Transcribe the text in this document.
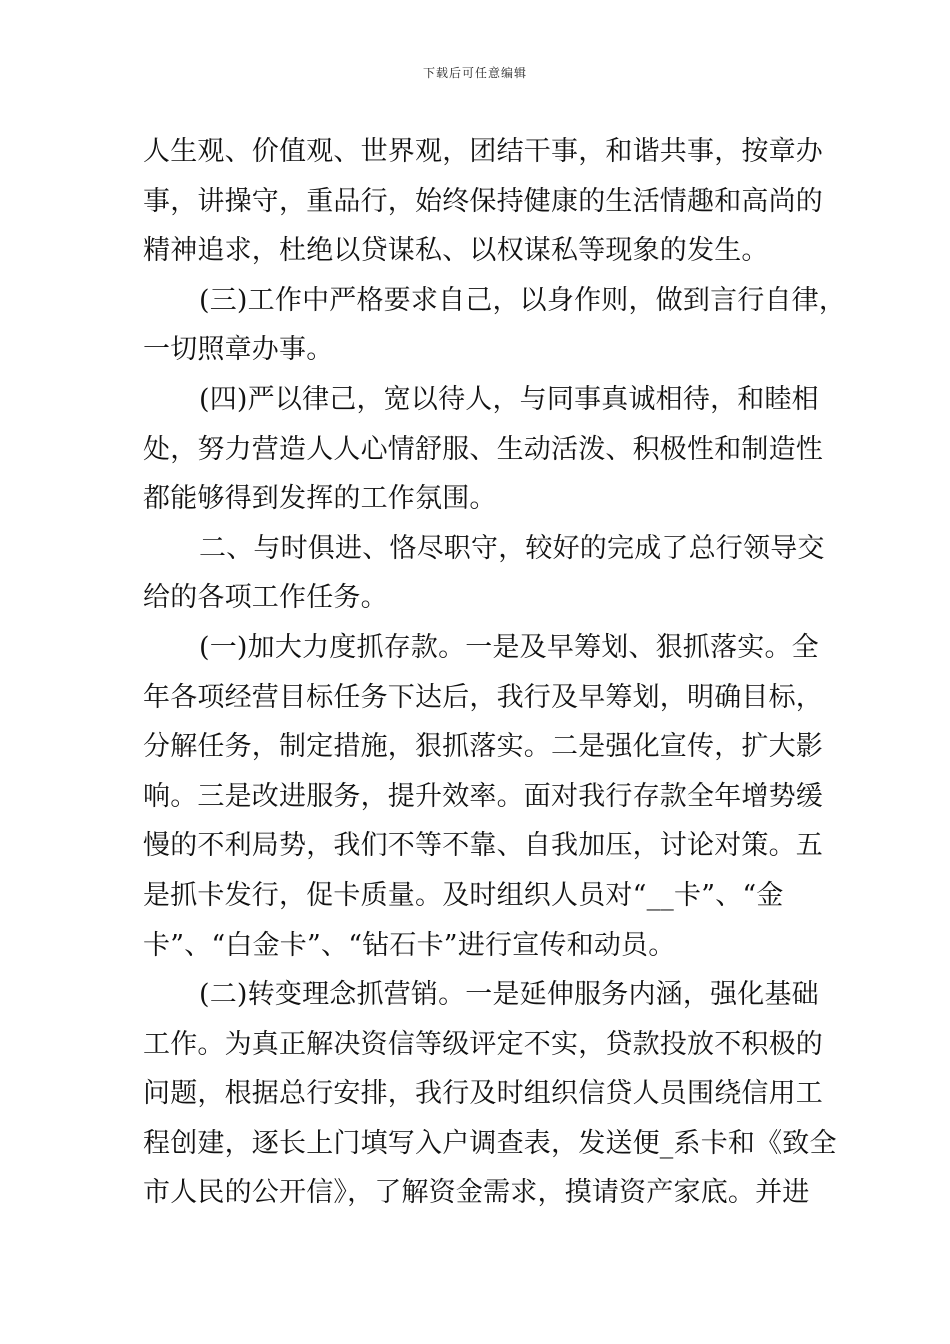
下载后可任意编辑
人生观、价值观、世界观，团结干事，和谐共事，按章办
事，讲操守，重品行，始终保持健康的生活情趣和高尚的
精神追求，杜绝以贷谋私、以权谋私等现象的发生。
(三)工作中严格要求自己，以身作则，做到言行自律，
一切照章办事。
(四)严以律己，宽以待人，与同事真诚相待，和睦相
处，努力营造人人心情舒服、生动活泼、积极性和制造性
都能够得到发挥的工作氛围。
二、与时俱进、恪尽职守，较好的完成了总行领导交
给的各项工作任务。
(一)加大力度抓存款。一是及早筹划、狠抓落实。全
年各项经营目标任务下达后，我行及早筹划，明确目标，
分解任务，制定措施，狠抓落实。二是强化宣传，扩大影
响。三是改进服务，提升效率。面对我行存款全年增势缓
慢的不利局势，我们不等不靠、自我加压，讨论对策。五
是抓卡发行，促卡质量。及时组织人员对“__卡”、“金
卡”、“白金卡”、“钻石卡”进行宣传和动员。
(二)转变理念抓营销。一是延伸服务内涵，强化基础
工作。为真正解决资信等级评定不实，贷款投放不积极的
问题，根据总行安排，我行及时组织信贷人员围绕信用工
程创建，逐长上门填写入户调查表，发送便_系卡和《致全
市人民的公开信》，了解资金需求，摸请资产家底。并进
